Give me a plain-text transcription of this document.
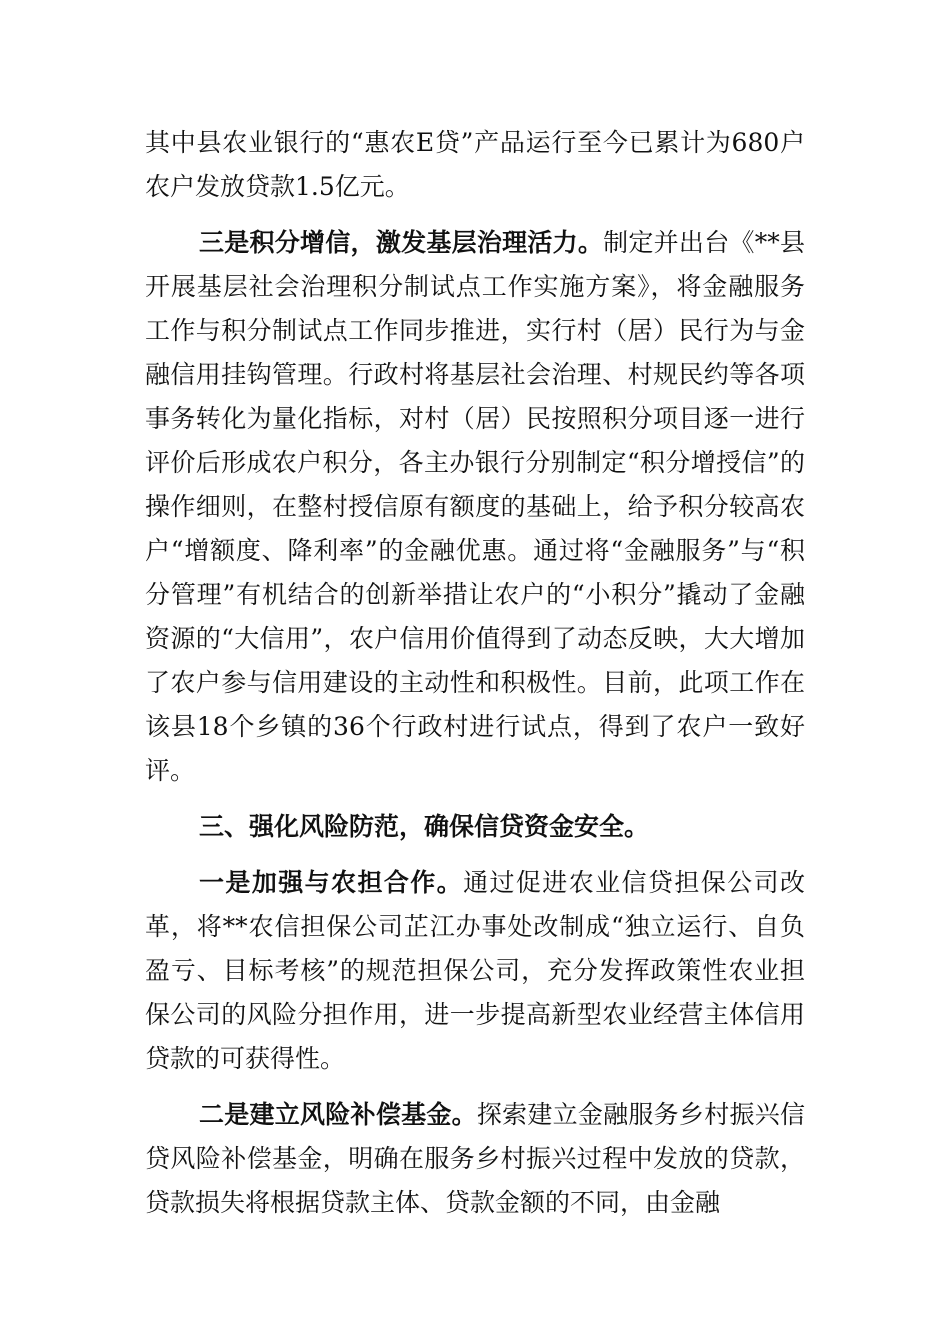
其中县农业银行的“惠农E贷”产品运行至今已累计为680户农户发放贷款1.5亿元。

三是积分增信，激发基层治理活力。制定并出台《**县开展基层社会治理积分制试点工作实施方案》，将金融服务工作与积分制试点工作同步推进，实行村（居）民行为与金融信用挂钩管理。行政村将基层社会治理、村规民约等各项事务转化为量化指标，对村（居）民按照积分项目逐一进行评价后形成农户积分，各主办银行分别制定“积分增授信”的操作细则，在整村授信原有额度的基础上，给予积分较高农户“增额度、降利率”的金融优惠。通过将“金融服务”与“积分管理”有机结合的创新举措让农户的“小积分”撬动了金融资源的“大信用”，农户信用价值得到了动态反映，大大增加了农户参与信用建设的主动性和积极性。目前，此项工作在该县18个乡镇的36个行政村进行试点，得到了农户一致好评。

三、强化风险防范，确保信贷资金安全。

一是加强与农担合作。通过促进农业信贷担保公司改革，将**农信担保公司芷江办事处改制成“独立运行、自负盈亏、目标考核”的规范担保公司，充分发挥政策性农业担保公司的风险分担作用，进一步提高新型农业经营主体信用贷款的可获得性。

二是建立风险补偿基金。探索建立金融服务乡村振兴信贷风险补偿基金，明确在服务乡村振兴过程中发放的贷款，贷款损失将根据贷款主体、贷款金额的不同，由金融
